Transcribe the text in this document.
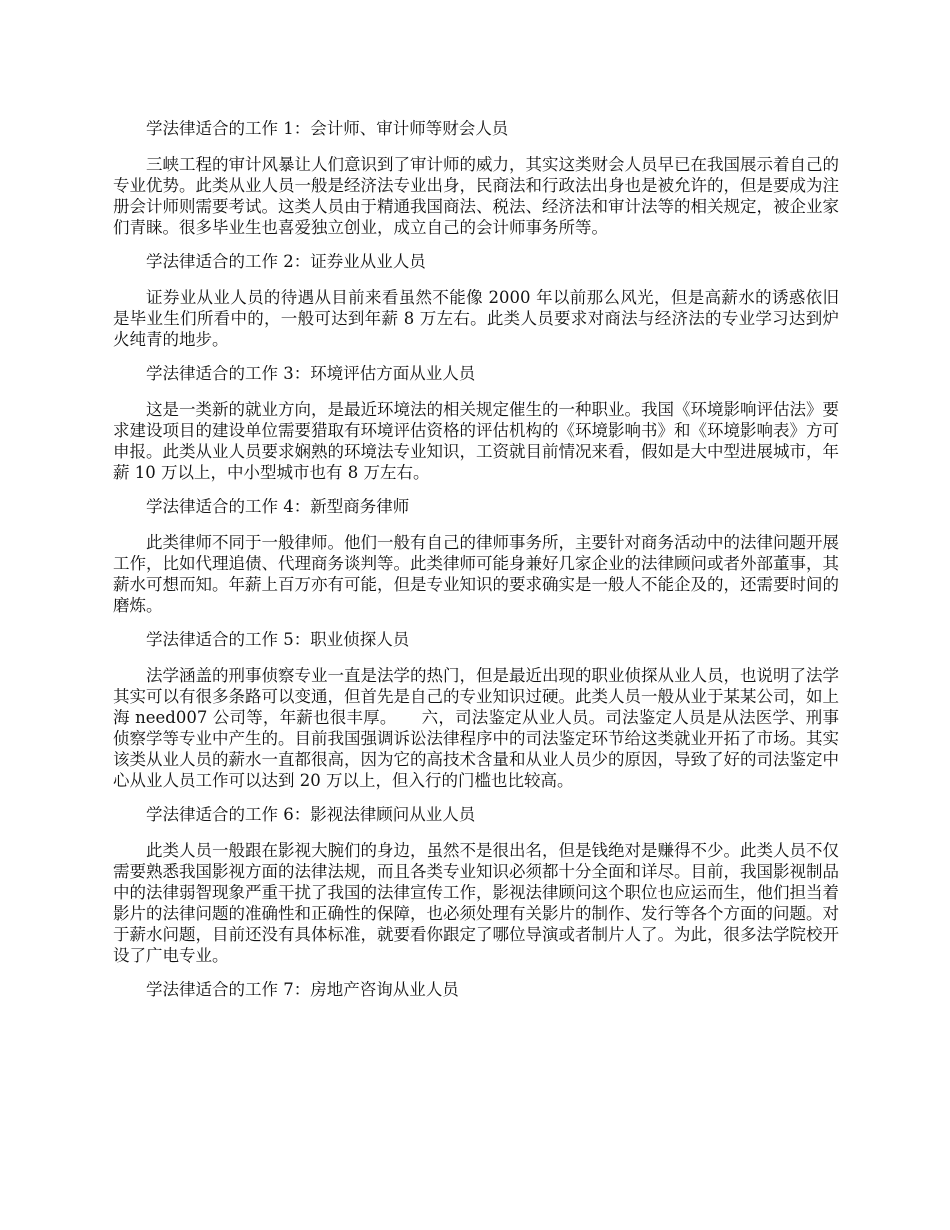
学法律适合的工作 1：会计师、审计师等财会人员

三峡工程的审计风暴让人们意识到了审计师的威力，其实这类财会人员早已在我国展示着自己的专业优势。此类从业人员一般是经济法专业出身，民商法和行政法出身也是被允许的，但是要成为注册会计师则需要考试。这类人员由于精通我国商法、税法、经济法和审计法等的相关规定，被企业家们青睐。很多毕业生也喜爱独立创业，成立自己的会计师事务所等。

学法律适合的工作 2：证券业从业人员

证券业从业人员的待遇从目前来看虽然不能像 2000 年以前那么风光，但是高薪水的诱惑依旧是毕业生们所看中的，一般可达到年薪 8 万左右。此类人员要求对商法与经济法的专业学习达到炉火纯青的地步。

学法律适合的工作 3：环境评估方面从业人员

这是一类新的就业方向，是最近环境法的相关规定催生的一种职业。我国《环境影响评估法》要求建设项目的建设单位需要猎取有环境评估资格的评估机构的《环境影响书》和《环境影响表》方可申报。此类从业人员要求娴熟的环境法专业知识，工资就目前情况来看，假如是大中型进展城市，年薪 10 万以上，中小型城市也有 8 万左右。

学法律适合的工作 4：新型商务律师

此类律师不同于一般律师。他们一般有自己的律师事务所，主要针对商务活动中的法律问题开展工作，比如代理追债、代理商务谈判等。此类律师可能身兼好几家企业的法律顾问或者外部董事，其薪水可想而知。年薪上百万亦有可能，但是专业知识的要求确实是一般人不能企及的，还需要时间的磨炼。

学法律适合的工作 5：职业侦探人员

法学涵盖的刑事侦察专业一直是法学的热门，但是最近出现的职业侦探从业人员，也说明了法学其实可以有很多条路可以变通，但首先是自己的专业知识过硬。此类人员一般从业于某某公司，如上海 need007 公司等，年薪也很丰厚。　　六，司法鉴定从业人员。司法鉴定人员是从法医学、刑事侦察学等专业中产生的。目前我国强调诉讼法律程序中的司法鉴定环节给这类就业开拓了市场。其实该类从业人员的薪水一直都很高，因为它的高技术含量和从业人员少的原因，导致了好的司法鉴定中心从业人员工作可以达到 20 万以上，但入行的门槛也比较高。

学法律适合的工作 6：影视法律顾问从业人员

此类人员一般跟在影视大腕们的身边，虽然不是很出名，但是钱绝对是赚得不少。此类人员不仅需要熟悉我国影视方面的法律法规，而且各类专业知识必须都十分全面和详尽。目前，我国影视制品中的法律弱智现象严重干扰了我国的法律宣传工作，影视法律顾问这个职位也应运而生，他们担当着影片的法律问题的准确性和正确性的保障，也必须处理有关影片的制作、发行等各个方面的问题。对于薪水问题，目前还没有具体标准，就要看你跟定了哪位导演或者制片人了。为此，很多法学院校开设了广电专业。

学法律适合的工作 7：房地产咨询从业人员
